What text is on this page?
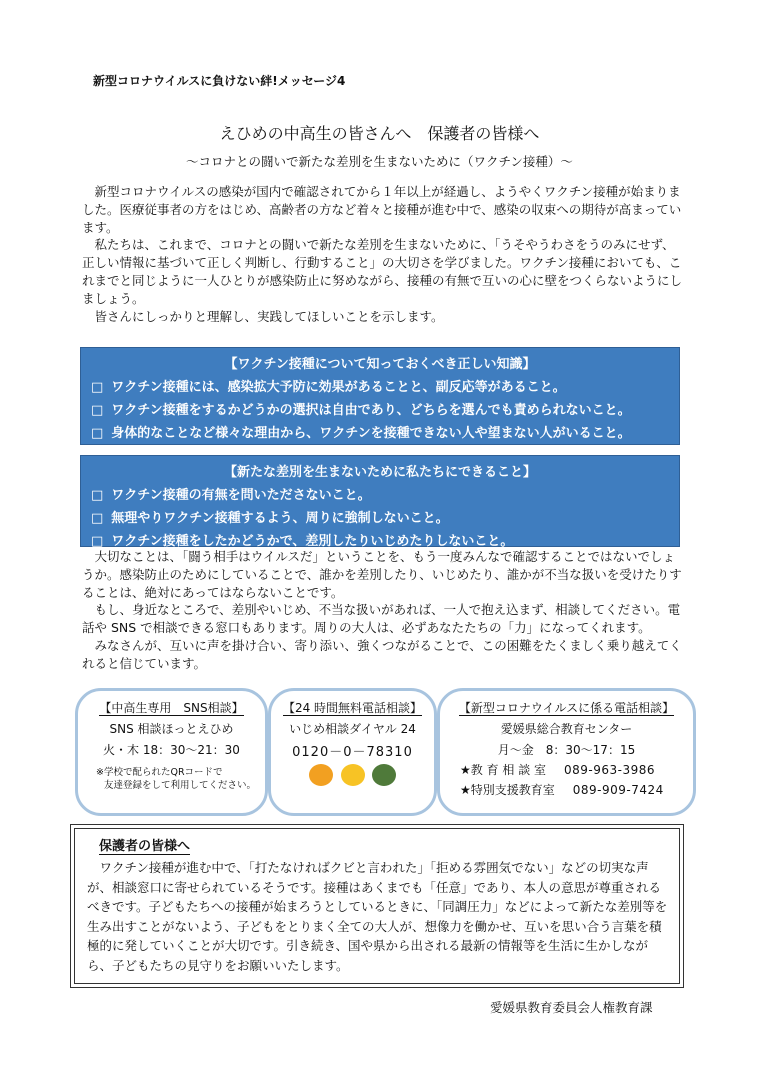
新型コロナウイルスに負けない絆!メッセージ4
えひめの中高生の皆さんへ　保護者の皆様へ
～コロナとの闘いで新たな差別を生まないために（ワクチン接種）～

新型コロナウイルスの感染が国内で確認されてから１年以上が経過し、ようやくワクチン接種が始まりました。医療従事者の方をはじめ、高齢者の方など着々と接種が進む中で、感染の収束への期待が高まっています。

私たちは、これまで、コロナとの闘いで新たな差別を生まないために、「うそやうわさをうのみにせず、正しい情報に基づいて正しく判断し、行動すること」の大切さを学びました。ワクチン接種においても、これまでと同じように一人ひとりが感染防止に努めながら、接種の有無で互いの心に壁をつくらないようにしましょう。

皆さんにしっかりと理解し、実践してほしいことを示します。

【ワクチン接種について知っておくべき正しい知識】
□ ワクチン接種には、感染拡大予防に効果があることと、副反応等があること。
□ ワクチン接種をするかどうかの選択は自由であり、どちらを選んでも責められないこと。
□ 身体的なことなど様々な理由から、ワクチンを接種できない人や望まない人がいること。
【新たな差別を生まないために私たちにできること】
□ ワクチン接種の有無を問いたださないこと。
□ 無理やりワクチン接種するよう、周りに強制しないこと。
□ ワクチン接種をしたかどうかで、差別したりいじめたりしないこと。

大切なことは、「闘う相手はウイルスだ」ということを、もう一度みんなで確認することではないでしょうか。感染防止のためにしていることで、誰かを差別したり、いじめたり、誰かが不当な扱いを受けたりすることは、絶対にあってはならないことです。

もし、身近なところで、差別やいじめ、不当な扱いがあれば、一人で抱え込まず、相談してください。電話や SNS で相談できる窓口もあります。周りの大人は、必ずあなたたちの「力」になってくれます。

みなさんが、互いに声を掛け合い、寄り添い、強くつながることで、この困難をたくましく乗り越えてくれると信じています。

【中高生専用　SNS相談】
SNS 相談ほっとえひめ
火・木 18：30～21：30
※学校で配られたQRコードで
友達登録をして利用してください。
【24 時間無料電話相談】
いじめ相談ダイヤル 24
0120－0－78310

【新型コロナウイルスに係る電話相談】
愛媛県総合教育センター
月～金　8：30～17：15
★教 育 相 談 室 089-963-3986
★特別支援教育室 089-909-7424
保護者の皆様へ
ワクチン接種が進む中で、「打たなければクビと言われた」「拒める雰囲気でない」などの切実な声が、相談窓口に寄せられているそうです。接種はあくまでも「任意」であり、本人の意思が尊重されるべきです。子どもたちへの接種が始まろうとしているときに、「同調圧力」などによって新たな差別等を生み出すことがないよう、子どもをとりまく全ての大人が、想像力を働かせ、互いを思い合う言葉を積極的に発していくことが大切です。引き続き、国や県から出される最新の情報等を生活に生かしながら、子どもたちの見守りをお願いいたします。
愛媛県教育委員会人権教育課
